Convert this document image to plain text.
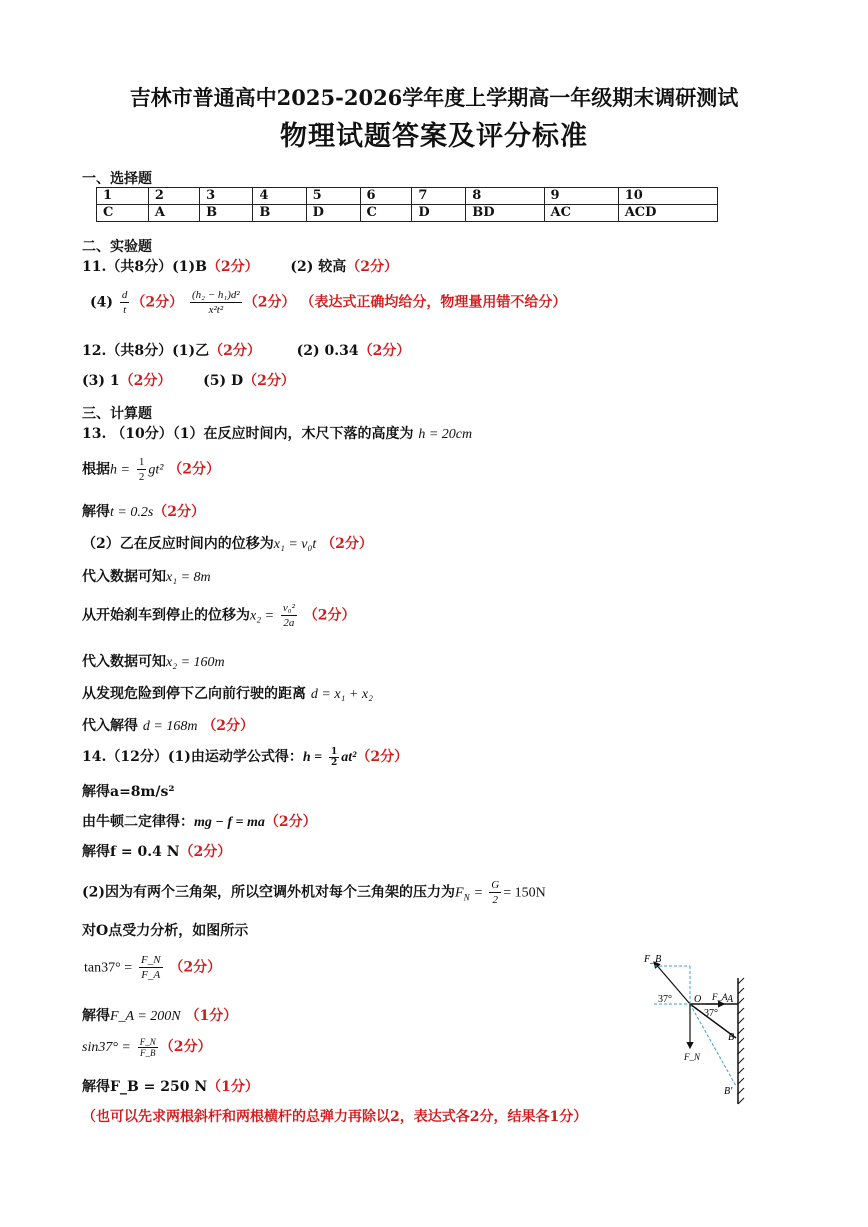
吉林市普通高中2025-2026学年度上学期高一年级期末调研测试
物理试题答案及评分标准
一、选择题
1	2	3	4	5	6	7	8	9	10
C	A	B	B	D	C	D	BD	AC	ACD
二、实验题
11.（共8分）(1)B（2分） (2) 较高（2分）
$(4) \frac{d}{t} (2$分） $\frac{\text{(h₂ − h₁)d²}}{\text{x²t²}} (2$分） （表达式正确均给分，物理量用错不给分）
12.（共8分）(1)乙（2分）	(2) 0.34（2分）
(3) 1（2分） (5) D（2分）
三、计算题
13. （10分）（1）在反应时间内，木尺下落的高度为 h = 20cm
根据$h = \frac{1}{2} gt^2$ （2分）
解得t = 0.2s（2分）
（2）乙在反应时间内的位移为x₁ = v₀t （2分）
代入数据可知x₁ = 8m
从开始刹车到停止的位移为$x_2 = \frac{\text{v₀²}}{2a} (2$分）
代入数据可知x₂ = 160m
从发现危险到停下乙向前行驶的距离 d = x₁ + x₂
代入解得 d = 168m （2分）
14.（12分）(1)由运动学公式得：$h = \frac{1}{2} at^2(2$分）
解得a=8m/s²
由牛顿二定律得：mg − f = ma（2分）
解得f = 0.4 N（2分）
(2)因为有两个三角架，所以空调外机对每个三角架的压力为$F_N = \frac{G}{2} = 150N$
对O点受力分析，如图所示
$\tan 37^\circ = \frac{F\_N}{F\_A} (2$分）
解得F_A = 200N （1分）
$\sin 37^\circ = \frac{F\_N}{F\_B} (2$分）
解得F_B = 250 N（1分）
（也可以先求两根斜杆和两根横杆的总弹力再除以2，表达式各2分，结果各1分）
F_B
37° O F_A A
37°
B
F_N
B'
